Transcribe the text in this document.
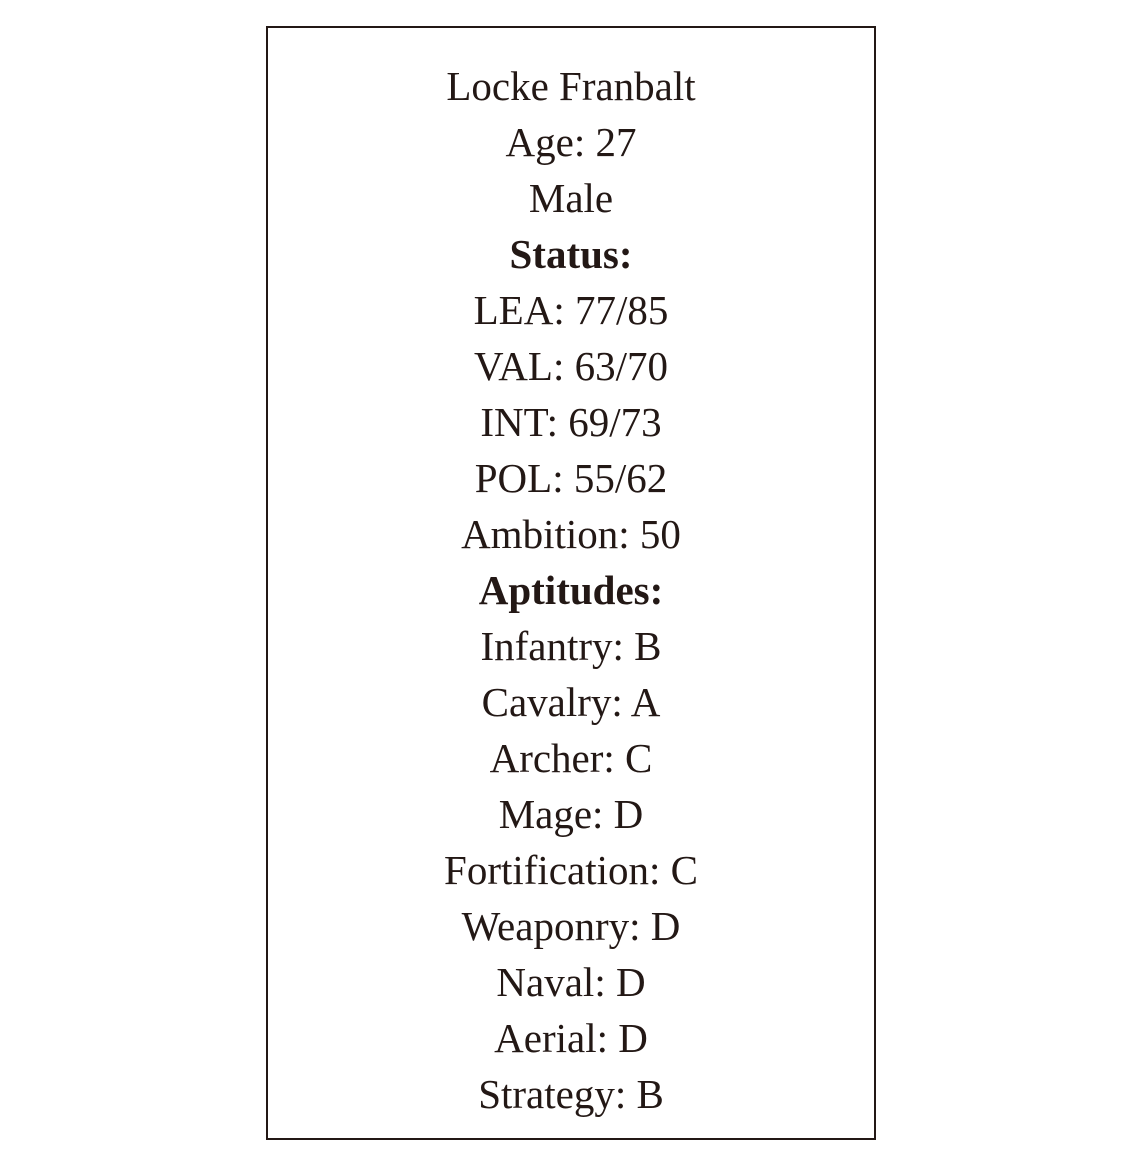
Locke Franbalt
Age: 27
Male
Status:
LEA: 77/85
VAL: 63/70
INT: 69/73
POL: 55/62
Ambition: 50
Aptitudes:
Infantry: B
Cavalry: A
Archer: C
Mage: D
Fortification: C
Weaponry: D
Naval: D
Aerial: D
Strategy: B
